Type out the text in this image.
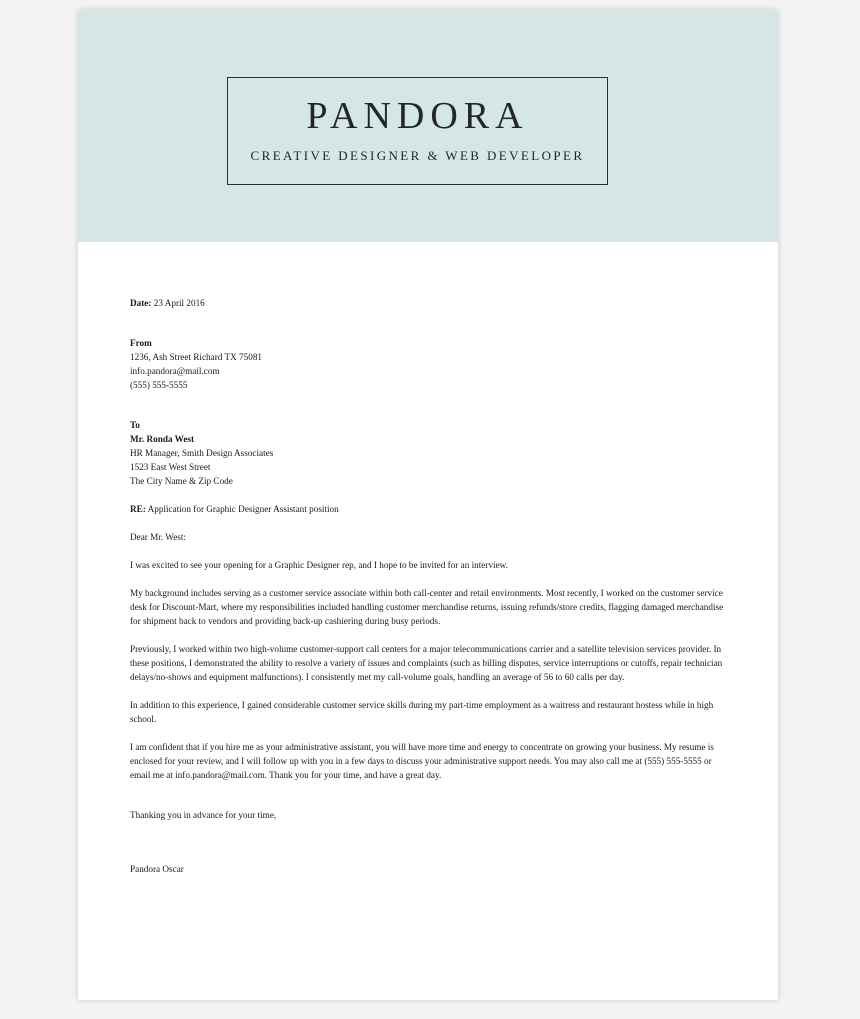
PANDORA
CREATIVE DESIGNER & WEB DEVELOPER

Date: 23 April 2016

From

1236, Ash Street Richard TX 75081

info.pandora@mail.com

(555) 555-5555

To

Mr. Ronda West

HR Manager, Smith Design Associates

1523 East West Street

The City Name & Zip Code

RE: Application for Graphic Designer Assistant position

Dear Mr. West:

I was excited to see your opening for a Graphic Designer rep, and I hope to be invited for an interview.

My background includes serving as a customer service associate within both call-center and retail environments. Most recently, I worked on the customer service desk for Discount-Mart, where my responsibilities included handling customer merchandise returns, issuing refunds/store credits, flagging damaged merchandise for shipment back to vendors and providing back-up cashiering during busy periods.

Previously, I worked within two high-volume customer-support call centers for a major telecommunications carrier and a satellite television services provider. In these positions, I demonstrated the ability to resolve a variety of issues and complaints (such as billing disputes, service interruptions or cutoffs, repair technician delays/no-shows and equipment malfunctions). I consistently met my call-volume goals, handling an average of 56 to 60 calls per day.

In addition to this experience, I gained considerable customer service skills during my part-time employment as a waitress and restaurant hostess while in high school.

I am confident that if you hire me as your administrative assistant, you will have more time and energy to concentrate on growing your business. My resume is enclosed for your review, and I will follow up with you in a few days to discuss your administrative support needs. You may also call me at (555) 555-5555 or email me at info.pandora@mail.com. Thank you for your time, and have a great day.

Thanking you in advance for your time,

Pandora Oscar
